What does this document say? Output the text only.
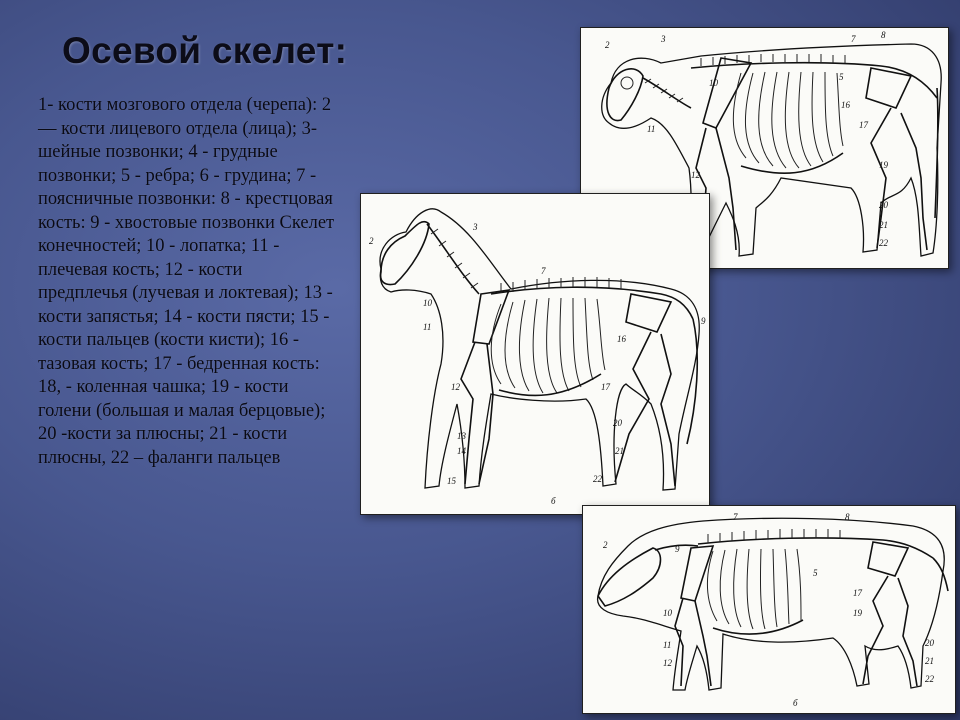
Осевой скелет:

1- кости мозгового отдела (черепа): 2— кости лицевого отдела (лица); 3- шейные позвонки; 4 - грудные позвонки; 5 - ребра; 6 - грудина; 7 - поясничные позвонки: 8 - крестцовая кость: 9 - хвостовые позвонки Скелет конечностей; 10 - лопатка; 11 - плечевая кость; 12 - кости предплечья (лучевая и локтевая); 13 - кости запястья; 14 - кости пясти; 15 - кости пальцев (кости кисти); 16 - тазовая кость; 17 - бедренная кость: 18, - коленная чашка; 19 - кости голени (большая и малая берцовые); 20 -кости за плюсны; 21 - кости плюсны, 22 – фаланги пальцев

2
3	7	8
5
10
11
12
16
17
19
20
21
22
3
2
7
9
10
11
12
13
14
15
16
17
20
21
22
б
2
7	8
9
10
11
12
5
17
19
20
21
22
б
